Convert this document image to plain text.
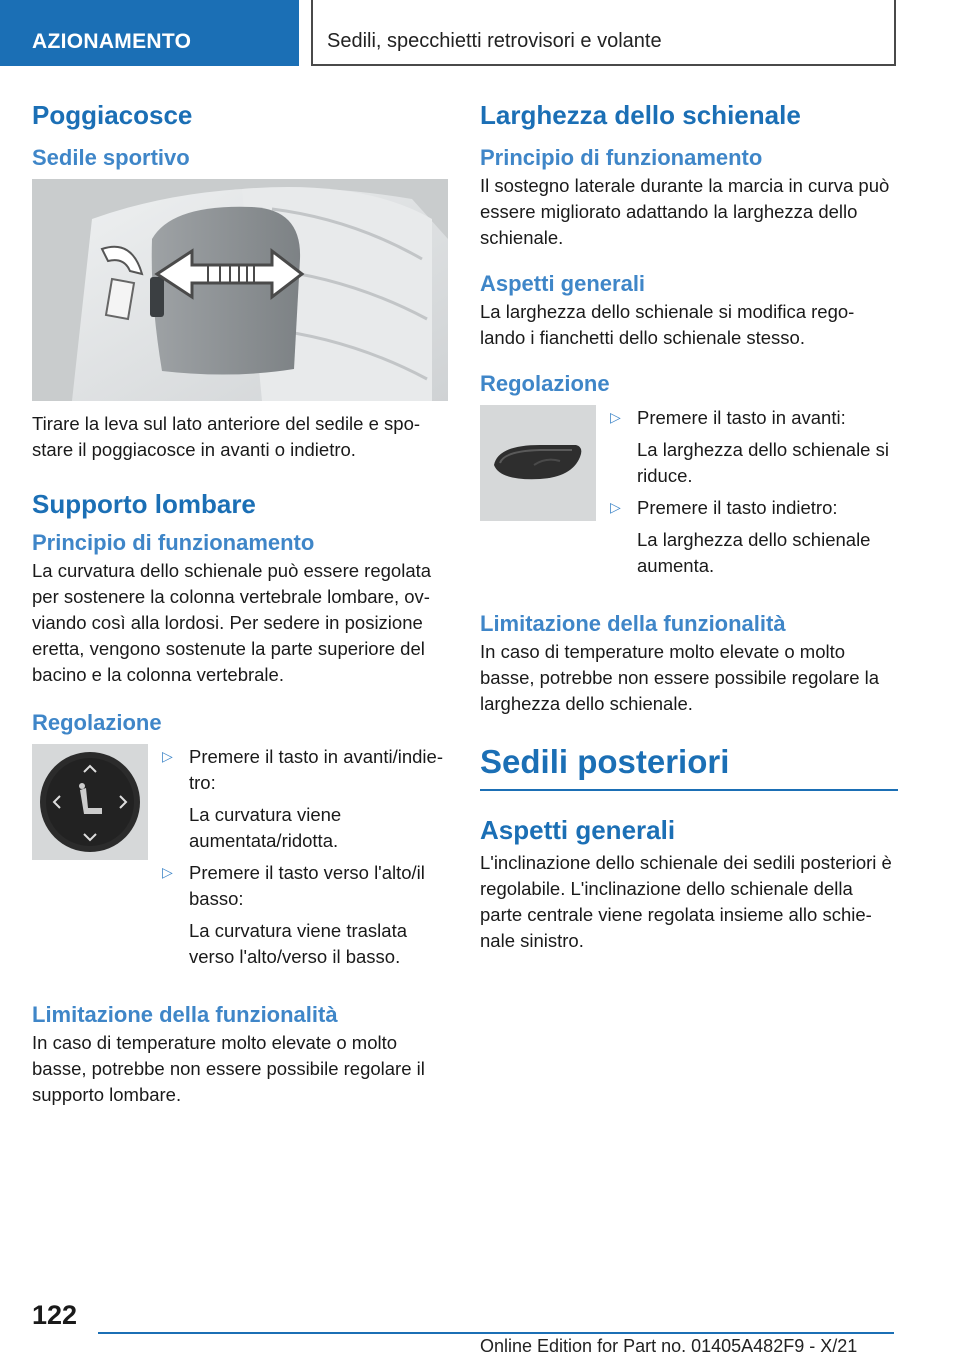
AZIONAMENTO	Sedili, specchietti retrovisori e volante
Poggiacosce
Sedile sportivo

Tirare la leva sul lato anteriore del sedile e spo-stare il poggiacosce in avanti o indietro.

Supporto lombare
Principio di funzionamento

La curvatura dello schienale può essere regolata per sostenere la colonna vertebrale lombare, ov-viando così alla lordosi. Per sedere in posizione eretta, vengono sostenute la parte superiore del bacino e la colonna vertebrale.

Regolazione
▷ Premere il tasto in avanti/indie-tro:
La curvatura viene aumentata/ridotta.
▷ Premere il tasto verso l'alto/il basso:
La curvatura viene traslata verso l'alto/verso il basso.
Limitazione della funzionalità

In caso di temperature molto elevate o molto basse, potrebbe non essere possibile regolare il supporto lombare.

Larghezza dello schienale
Principio di funzionamento

Il sostegno laterale durante la marcia in curva può essere migliorato adattando la larghezza dello schienale.

Aspetti generali

La larghezza dello schienale si modifica rego-lando i fianchetti dello schienale stesso.

Regolazione
▷ Premere il tasto in avanti:
La larghezza dello schienale si riduce.
▷ Premere il tasto indietro:
La larghezza dello schienale aumenta.
Limitazione della funzionalità

In caso di temperature molto elevate o molto basse, potrebbe non essere possibile regolare la larghezza dello schienale.

Sedili posteriori
Aspetti generali

L'inclinazione dello schienale dei sedili posteriori è regolabile. L'inclinazione dello schienale della parte centrale viene regolata insieme allo schie-nale sinistro.

122
Online Edition for Part no. 01405A482F9 - X/21
